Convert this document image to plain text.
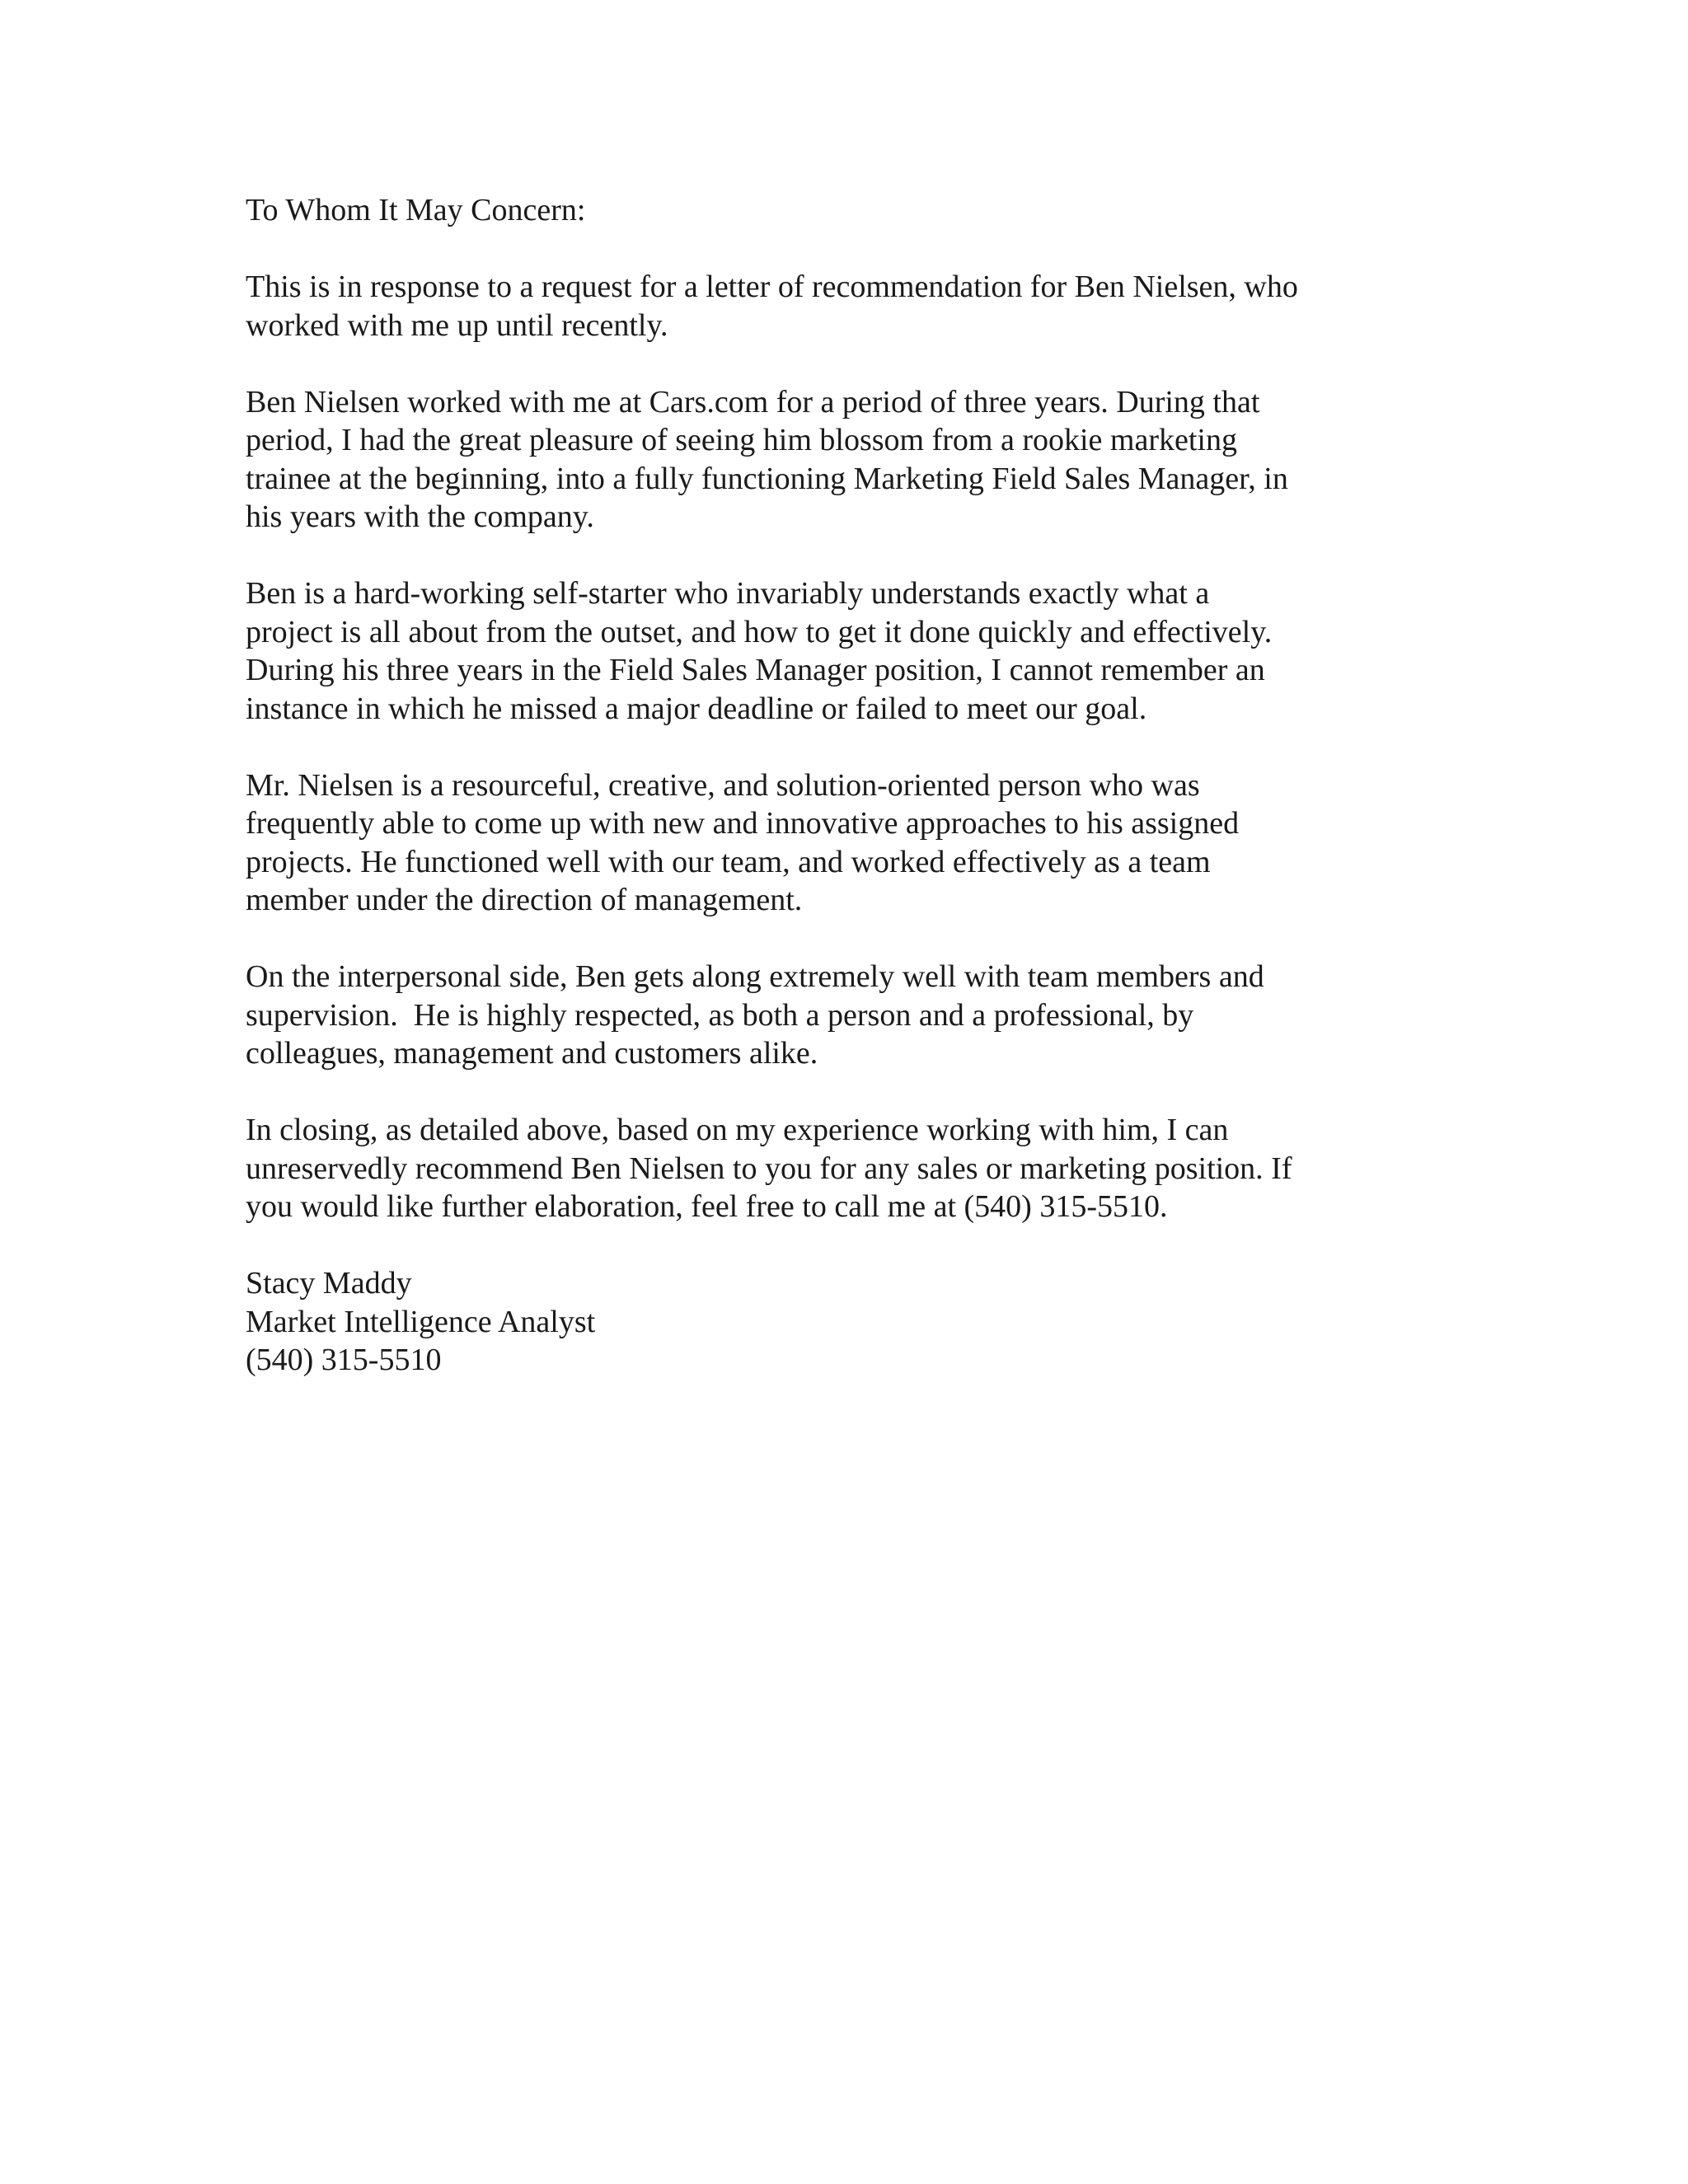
To Whom It May Concern:

This is in response to a request for a letter of recommendation for Ben Nielsen, who
worked with me up until recently.

Ben Nielsen worked with me at Cars.com for a period of three years. During that
period, I had the great pleasure of seeing him blossom from a rookie marketing
trainee at the beginning, into a fully functioning Marketing Field Sales Manager, in
his years with the company.

Ben is a hard-working self-starter who invariably understands exactly what a
project is all about from the outset, and how to get it done quickly and effectively.
During his three years in the Field Sales Manager position, I cannot remember an
instance in which he missed a major deadline or failed to meet our goal.

Mr. Nielsen is a resourceful, creative, and solution-oriented person who was
frequently able to come up with new and innovative approaches to his assigned
projects. He functioned well with our team, and worked effectively as a team
member under the direction of management.

On the interpersonal side, Ben gets along extremely well with team members and
supervision.  He is highly respected, as both a person and a professional, by
colleagues, management and customers alike.

In closing, as detailed above, based on my experience working with him, I can
unreservedly recommend Ben Nielsen to you for any sales or marketing position. If
you would like further elaboration, feel free to call me at (540) 315-5510.

Stacy Maddy
Market Intelligence Analyst
(540) 315-5510
